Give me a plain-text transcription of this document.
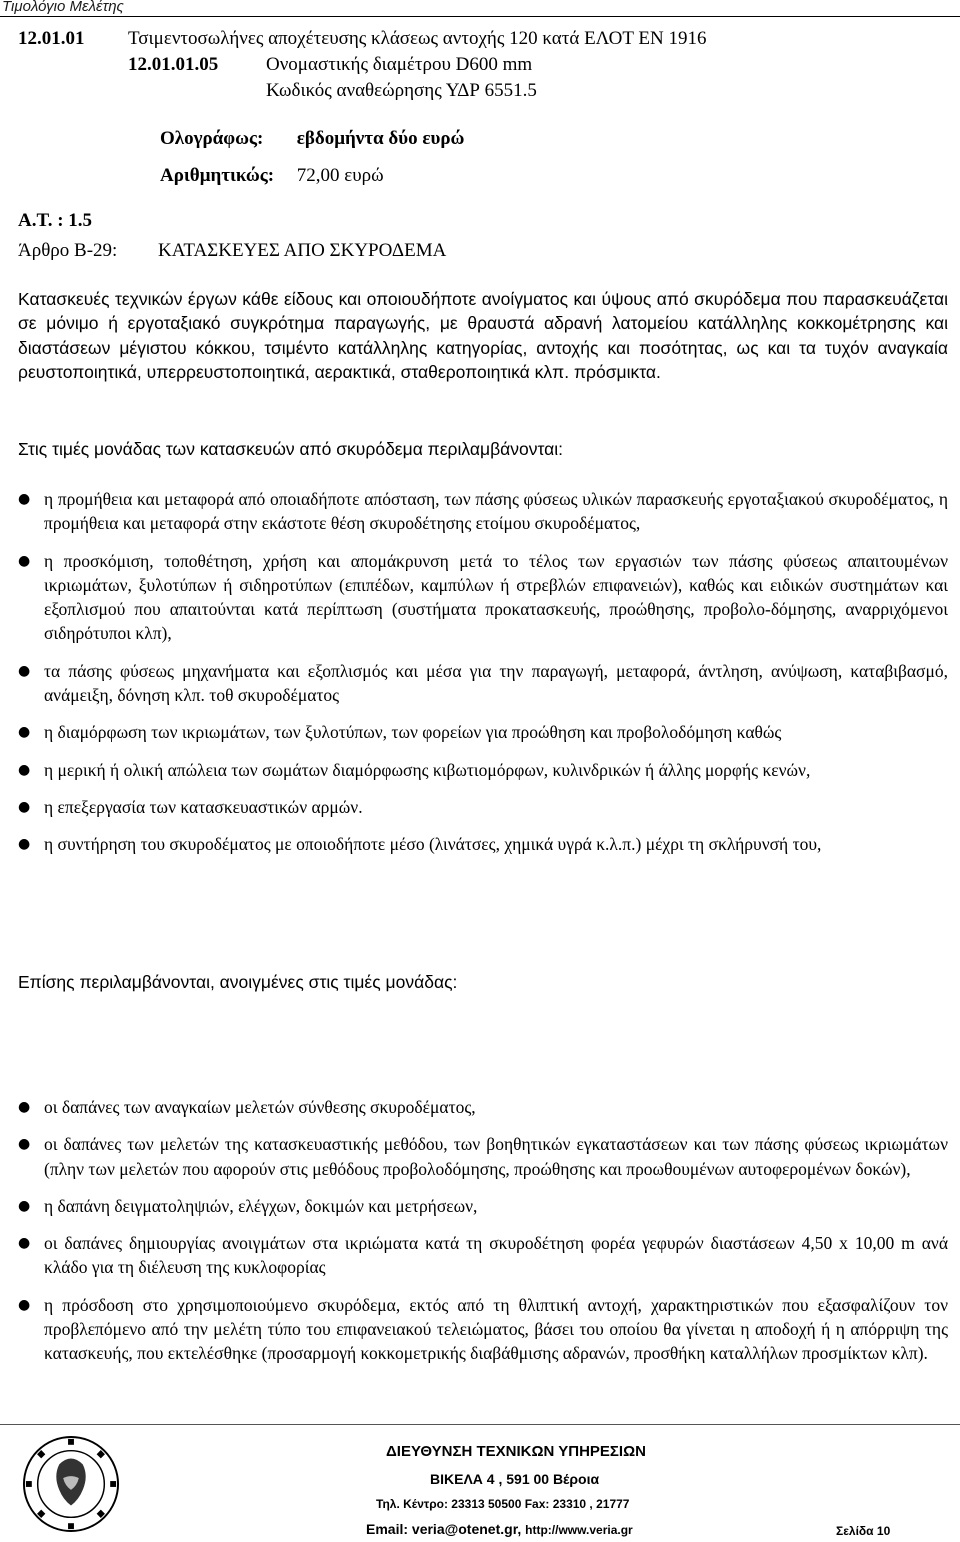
Τιμολόγιο Μελέτης
12.01.01 Τσιμεντοσωλήνες αποχέτευσης κλάσεως αντοχής 120 κατά ΕΛΟΤ ΕΝ 1916
12.01.01.05	Ονομαστικής διαμέτρου D600 mm
Κωδικός αναθεώρησης ΥΔΡ 6551.5
Ολογράφως: εβδομήντα δύο ευρώ
Αριθμητικώς: 72,00 ευρώ
Α.Τ. : 1.5
Άρθρο Β-29: ΚΑΤΑΣΚΕΥΕΣ ΑΠΟ ΣΚΥΡΟΔΕΜΑ
Κατασκευές τεχνικών έργων κάθε είδους και οποιουδήποτε ανοίγματος και ύψους από σκυρόδεμα που παρασκευάζεται σε μόνιμο ή εργοταξιακό συγκρότημα παραγωγής, με θραυστά αδρανή λατομείου κατάλληλης κοκκομέτρησης και διαστάσεων μέγιστου κόκκου, τσιμέντο κατάλληλης κατηγορίας, αντοχής και ποσότητας, ως και τα τυχόν αναγκαία ρευστοποιητικά, υπερρευστοποιητικά, αερακτικά, σταθεροποιητικά κλπ. πρόσμικτα.
Στις τιμές μονάδας των κατασκευών από σκυρόδεμα περιλαμβάνονται:
● η προμήθεια και μεταφορά από οποιαδήποτε απόσταση, των πάσης φύσεως υλικών παρασκευής εργοταξιακού σκυροδέματος, η προμήθεια και μεταφορά στην εκάστοτε θέση σκυροδέτησης ετοίμου σκυροδέματος,
● η προσκόμιση, τοποθέτηση, χρήση και απομάκρυνση μετά το τέλος των εργασιών των πάσης φύσεως απαιτουμένων ικριωμάτων, ξυλοτύπων ή σιδηροτύπων (επιπέδων, καμπύλων ή στρεβλών επιφανειών), καθώς και ειδικών συστημάτων και εξοπλισμού που απαιτούνται κατά περίπτωση (συστήματα προκατασκευής, προώθησης, προβολο-δόμησης, αναρριχόμενοι σιδηρότυποι κλπ),
● τα πάσης φύσεως μηχανήματα και εξοπλισμός και μέσα για την παραγωγή, μεταφορά, άντληση, ανύψωση, καταβιβασμό, ανάμειξη, δόνηση κλπ. τοθ σκυροδέματος
● η διαμόρφωση των ικριωμάτων, των ξυλοτύπων, των φορείων για προώθηση και προβολοδόμηση καθώς
● η μερική ή ολική απώλεια των σωμάτων διαμόρφωσης κιβωτιομόρφων, κυλινδρικών ή άλλης μορφής κενών,
● η επεξεργασία των κατασκευαστικών αρμών.
● η συντήρηση του σκυροδέματος με οποιοδήποτε μέσο (λινάτσες, χημικά υγρά κ.λ.π.) μέχρι τη σκλήρυνσή του,
Επίσης περιλαμβάνονται, ανοιγμένες στις τιμές μονάδας:
● οι δαπάνες των αναγκαίων μελετών σύνθεσης σκυροδέματος,
● οι δαπάνες των μελετών της κατασκευαστικής μεθόδου, των βοηθητικών εγκαταστάσεων και των πάσης φύσεως ικριωμάτων (πλην των μελετών που αφορούν στις μεθόδους προβολοδόμησης, προώθησης και προωθουμένων αυτοφερομένων δοκών),
● η δαπάνη δειγματοληψιών, ελέγχων, δοκιμών και μετρήσεων,
● οι δαπάνες δημιουργίας ανοιγμάτων στα ικριώματα κατά τη σκυροδέτηση φορέα γεφυρών διαστάσεων 4,50 x 10,00 m ανά κλάδο για τη διέλευση της κυκλοφορίας
● η πρόσδοση στο χρησιμοποιούμενο σκυρόδεμα, εκτός από τη θλιπτική αντοχή, χαρακτηριστικών που εξασφαλίζουν τον προβλεπόμενο από την μελέτη τύπο του επιφανειακού τελειώματος, βάσει του οποίου θα γίνεται η αποδοχή ή η απόρριψη της κατασκευής, που εκτελέσθηκε (προσαρμογή κοκκομετρικής διαβάθμισης αδρανών, προσθήκη καταλλήλων προσμίκτων κλπ).
ΔΙΕΥΘΥΝΣΗ ΤΕΧΝΙΚΩΝ ΥΠΗΡΕΣΙΩΝ
ΒΙΚΕΛΑ 4 , 591 00 Βέροια
Τηλ. Κέντρο: 23313 50500 Fax: 23310 , 21777
Email: veria@otenet.gr, http://www.veria.gr	Σελίδα 10
